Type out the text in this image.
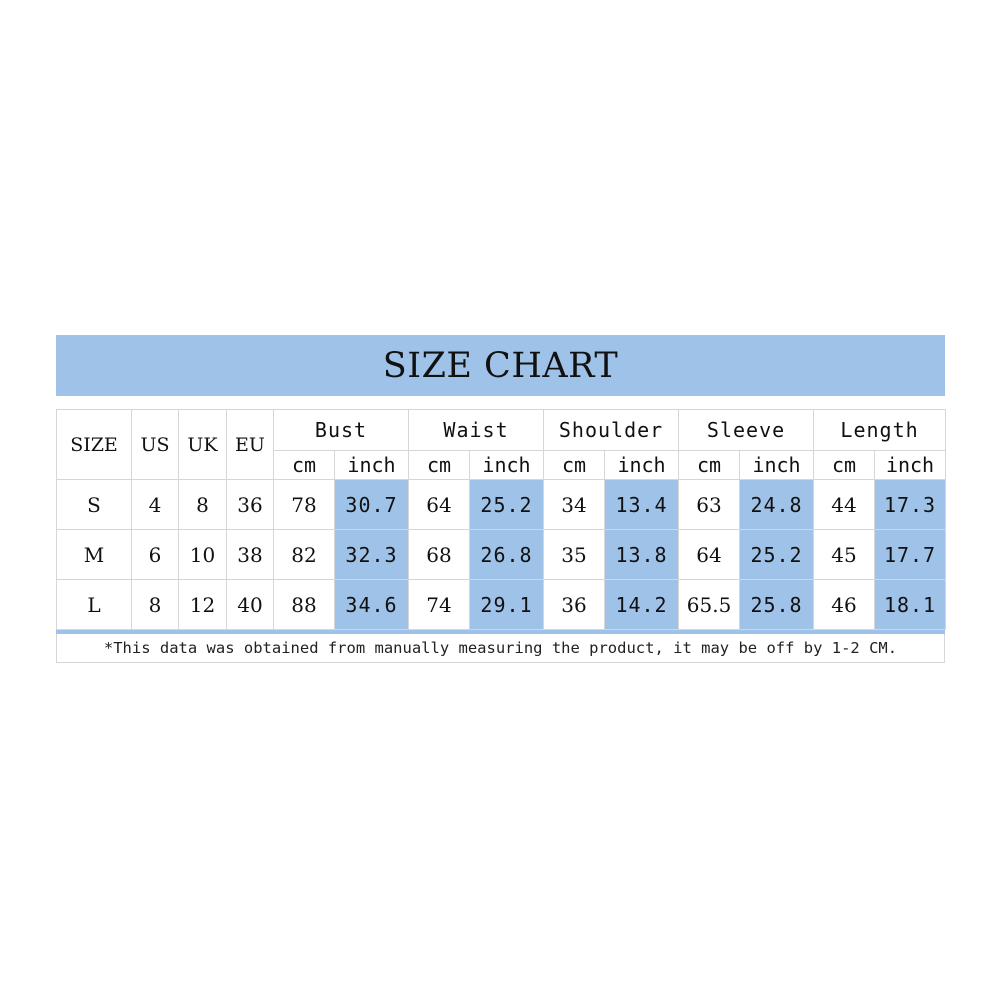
SIZE CHART
SIZE	US	UK	EU	Bust		Waist		Shoulder		Sleeve		Length	
				cm	inch	cm	inch	cm	inch	cm	inch	cm	inch
S	4	8	36	78	30.7	64	25.2	34	13.4	63	24.8	44	17.3
M	6	10	38	82	32.3	68	26.8	35	13.8	64	25.2	45	17.7
L	8	12	40	88	34.6	74	29.1	36	14.2	65.5	25.8	46	18.1
*This data was obtained from manually measuring the product, it may be off by 1-2 CM.
